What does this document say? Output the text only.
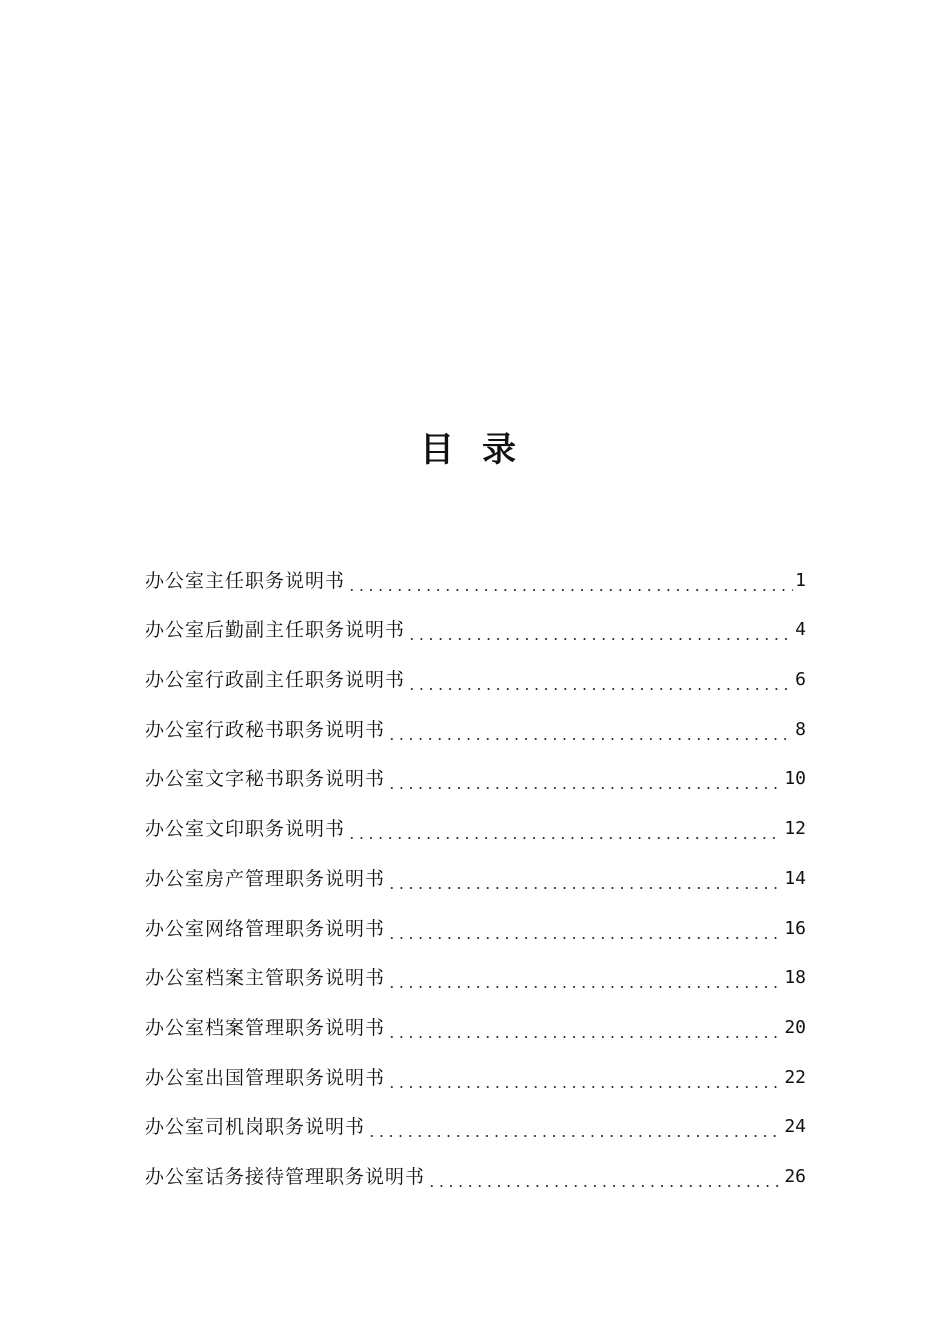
目录
办公室主任职务说明书	1
办公室后勤副主任职务说明书	4
办公室行政副主任职务说明书	6
办公室行政秘书职务说明书	8
办公室文字秘书职务说明书	10
办公室文印职务说明书	12
办公室房产管理职务说明书	14
办公室网络管理职务说明书	16
办公室档案主管职务说明书	18
办公室档案管理职务说明书	20
办公室出国管理职务说明书	22
办公室司机岗职务说明书	24
办公室话务接待管理职务说明书	26
